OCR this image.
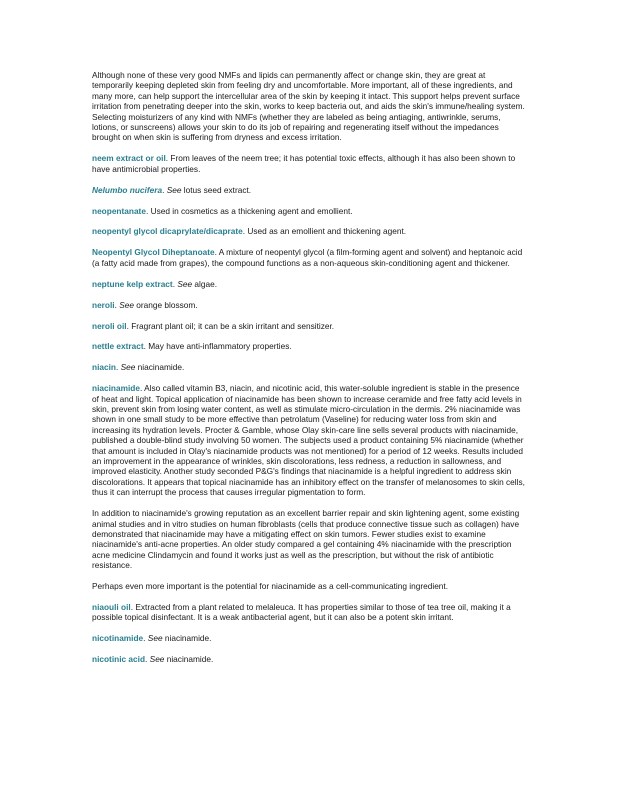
Although none of these very good NMFs and lipids can permanently affect or change skin, they are great at temporarily keeping depleted skin from feeling dry and uncomfortable. More important, all of these ingredients, and many more, can help support the intercellular area of the skin by keeping it intact. This support helps prevent surface irritation from penetrating deeper into the skin, works to keep bacteria out, and aids the skin's immune/healing system. Selecting moisturizers of any kind with NMFs (whether they are labeled as being antiaging, antiwrinkle, serums, lotions, or sunscreens) allows your skin to do its job of repairing and regenerating itself without the impedances brought on when skin is suffering from dryness and excess irritation.

neem extract or oil. From leaves of the neem tree; it has potential toxic effects, although it has also been shown to have antimicrobial properties.

Nelumbo nucifera. See lotus seed extract.

neopentanate. Used in cosmetics as a thickening agent and emollient.

neopentyl glycol dicaprylate/dicaprate. Used as an emollient and thickening agent.

Neopentyl Glycol Diheptanoate. A mixture of neopentyl glycol (a film-forming agent and solvent) and heptanoic acid (a fatty acid made from grapes), the compound functions as a non-aqueous skin-conditioning agent and thickener.

neptune kelp extract. See algae.

neroli. See orange blossom.

neroli oil. Fragrant plant oil; it can be a skin irritant and sensitizer.

nettle extract. May have anti-inflammatory properties.

niacin. See niacinamide.

niacinamide. Also called vitamin B3, niacin, and nicotinic acid, this water-soluble ingredient is stable in the presence of heat and light. Topical application of niacinamide has been shown to increase ceramide and free fatty acid levels in skin, prevent skin from losing water content, as well as stimulate micro-circulation in the dermis. 2% niacinamide was shown in one small study to be more effective than petrolatum (Vaseline) for reducing water loss from skin and increasing its hydration levels. Procter & Gamble, whose Olay skin-care line sells several products with niacinamide, published a double-blind study involving 50 women. The subjects used a product containing 5% niacinamide (whether that amount is included in Olay's niacinamide products was not mentioned) for a period of 12 weeks. Results included an improvement in the appearance of wrinkles, skin discolorations, less redness, a reduction in sallowness, and improved elasticity. Another study seconded P&G's findings that niacinamide is a helpful ingredient to address skin discolorations. It appears that topical niacinamide has an inhibitory effect on the transfer of melanosomes to skin cells, thus it can interrupt the process that causes irregular pigmentation to form.

In addition to niacinamide's growing reputation as an excellent barrier repair and skin lightening agent, some existing animal studies and in vitro studies on human fibroblasts (cells that produce connective tissue such as collagen) have demonstrated that niacinamide may have a mitigating effect on skin tumors. Fewer studies exist to examine niacinamide's anti-acne properties. An older study compared a gel containing 4% niacinamide with the prescription acne medicine Clindamycin and found it works just as well as the prescription, but without the risk of antibiotic resistance.

Perhaps even more important is the potential for niacinamide as a cell-communicating ingredient.

niaouli oil. Extracted from a plant related to melaleuca. It has properties similar to those of tea tree oil, making it a possible topical disinfectant. It is a weak antibacterial agent, but it can also be a potent skin irritant.

nicotinamide. See niacinamide.

nicotinic acid. See niacinamide.
